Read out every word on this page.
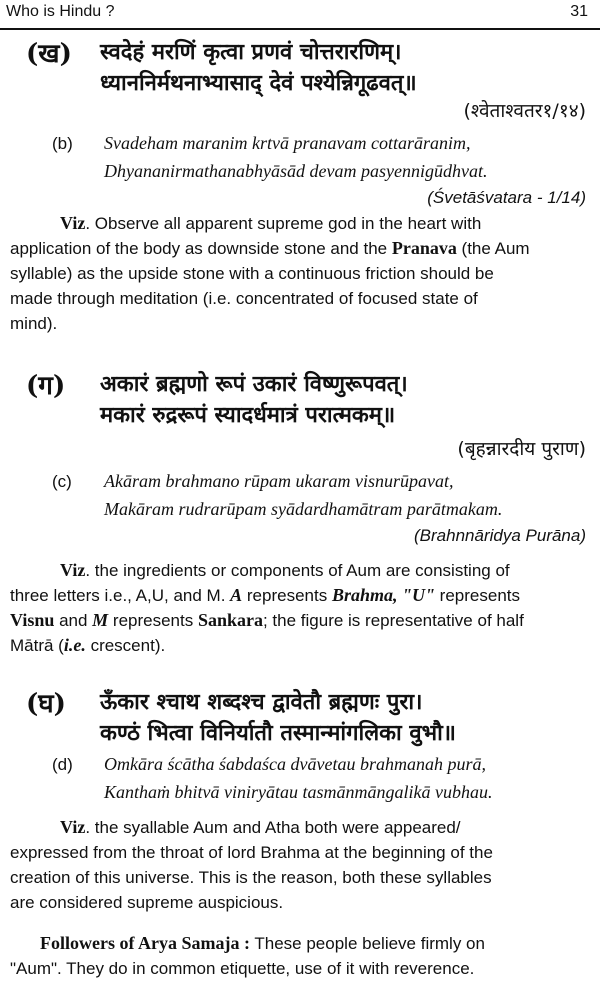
Who is Hindu ?	31
(ख) स्वदेहं मरणिं कृत्वा प्रणवं चोत्तरारणिम्।
ध्याननिर्मथनाभ्यासाद् देवं पश्येन्निगूढवत्॥
(श्वेताश्वतर१/१४)
(b) Svadeham maranim krtvā pranavam cottarāranim,
Dhyananirmathanabhyāsād devam pasyennigūdhvat.
(Śvetāśvatara - 1/14)
Viz. Observe all apparent supreme god in the heart with
application of the body as downside stone and the Pranava (the Aum
syllable) as the upside stone with a continuous friction should be
made through meditation (i.e. concentrated of focused state of
mind).
(ग) अकारं ब्रह्मणो रूपं उकारं विष्णुरूपवत्।
मकारं रुद्ररूपं स्यादर्धमात्रं परात्मकम्॥
(बृहन्नारदीय पुराण)
(c) Akāram brahmano rūpam ukaram visnurūpavat,
Makāram rudrarūpam syādardhamātram parātmakam.
(Brahnnāridya Purāna)
Viz. the ingredients or components of Aum are consisting of
three letters i.e., A,U, and M. A represents Brahma, "U" represents
Visnu and M represents Sankara; the figure is representative of half
Mātrā (i.e. crescent).
(घ) ऊँकार श्चाथ शब्दश्च द्वावेतौ ब्रह्मणः पुरा।
कण्ठं भित्वा विनिर्यातौ तस्मान्मांगलिका वुभौ॥
(d) Omkāra ścātha śabdaśca dvāvetau brahmanah purā,
Kanthaṁ bhitvā viniryātau tasmānmāngalikā vubhau.
Viz. the syallable Aum and Atha both were appeared/
expressed from the throat of lord Brahma at the beginning of the
creation of this universe. This is the reason, both these syllables
are considered supreme auspicious.
Followers of Arya Samaja : These people believe firmly on
"Aum". They do in common etiquette, use of it with reverence.
